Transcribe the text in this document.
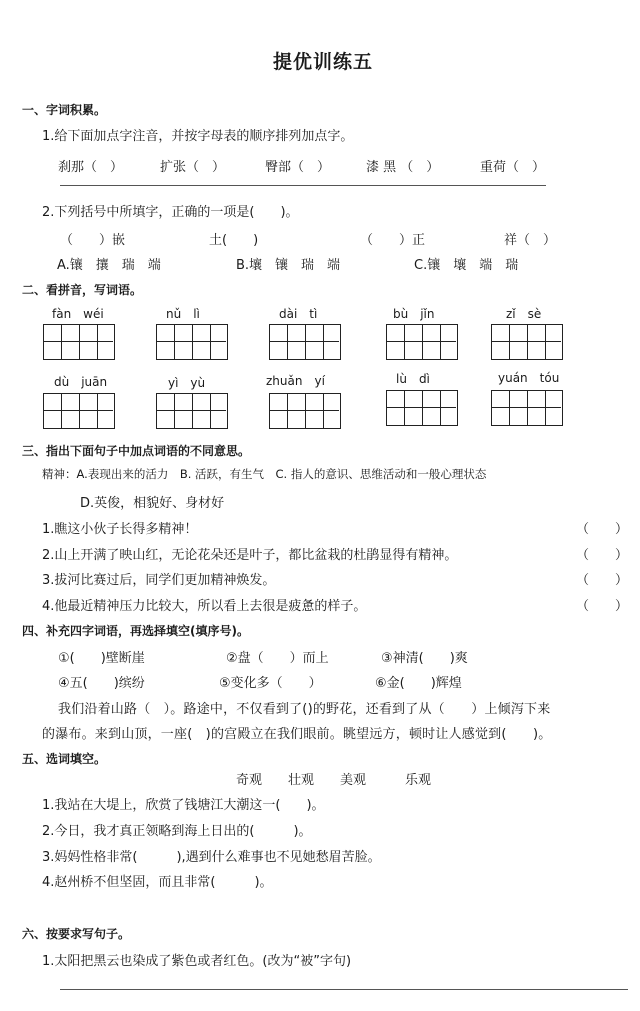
提优训练五
一、字词积累。
1.给下面加点字注音，并按字母表的顺序排列加点字。
刹那（　）	扩张（　）	臀部（　）	漆 黑 （　）	重荷（　）
2.下列括号中所填字，正确的一项是(　　)。
（　　）嵌	土(　　)	（　　）正	祥（　）
A.镶　攘　瑞　端	B.壤　镶　瑞　端	C.镶　壤　端　瑞
二、看拼音，写词语。
fàn　wéi	nǔ　lì	dài　tì	bù　jǐn	zǐ　sè
dù　juān	yì　yù	zhuǎn　yí	lù　dì	yuán　tóu
三、指出下面句子中加点词语的不同意思。
精神：A.表现出来的活力　B. 活跃，有生气　C. 指人的意识、思维活动和一般心理状态
D.英俊，相貌好、身材好
1.瞧这小伙子长得多精神！
2.山上开满了映山红，无论花朵还是叶子，都比盆栽的杜鹃显得有精神。
3.拔河比赛过后，同学们更加精神焕发。
4.他最近精神压力比较大，所以看上去很是疲惫的样子。
（　　）
（　　）
（　　）
（　　）
四、补充四字词语，再选择填空(填序号)。
①(　　)壁断崖	②盘（　　）而上	③神清(　　)爽
④五(　　)缤纷	⑤变化多（　　）	⑥金(　　)辉煌
我们沿着山路（　）。路途中，不仅看到了()的野花，还看到了从（　　）上倾泻下来
的瀑布。来到山顶，一座(　)的宫殿立在我们眼前。眺望远方，顿时让人感觉到(　　)。
五、选词填空。
奇观　　壮观　　美观　　　乐观
1.我站在大堤上，欣赏了钱塘江大潮这一(　　)。
2.今日，我才真正领略到海上日出的(　　　)。
3.妈妈性格非常(　　　),遇到什么难事也不见她愁眉苦脸。
4.赵州桥不但坚固，而且非常(　　　)。
六、按要求写句子。
1.太阳把黑云也染成了紫色或者红色。(改为“被”字句)
